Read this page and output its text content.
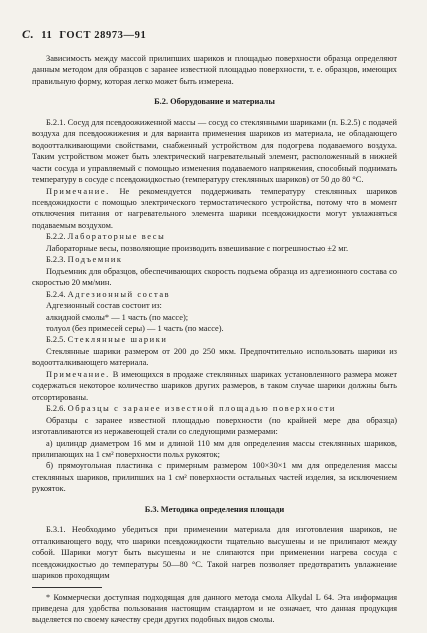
С. 11 ГОСТ 28973—91

Зависимость между массой прилипших шариков и площадью поверхности образца определяют данным методом для образцов с заранее известной площадью поверхности, т. е. образцов, имеющих правильную форму, которая легко может быть измерена.

Б.2. Оборудование и материалы

Б.2.1. Сосуд для псевдоожиженной массы — сосуд со стеклянными шариками (п. Б.2.5) с подачей воздуха для псевдоожижения и для варианта применения шариков из материала, не обладающего водоотталкивающими свойствами, снабженный устройством для подогрева подаваемого воздуха. Таким устройством может быть электрический нагревательный элемент, расположенный в нижней части сосуда и управляемый с помощью изменения подаваемого напряжения, способный поднимать температуру в сосуде с псевдожидкостью (температуру стеклянных шариков) от 50 до 80 °С.

Примечание. Не рекомендуется поддерживать температуру стеклянных шариков псевдожидкости с помощью электрического термостатического устройства, потому что в момент отключения питания от нагревательного элемента шарики псевдожидкости могут увлажняться подаваемым воздухом.

Б.2.2. Лабораторные весы

Лабораторные весы, позволяющие производить взвешивание с погрешностью ±2 мг.

Б.2.3. Подъемник

Подъемник для образцов, обеспечивающих скорость подъема образца из адгезионного состава со скоростью 20 мм/мин.

Б.2.4. Адгезионный состав

Адгезионный состав состоит из:

алкидной смолы* — 1 часть (по массе);

толуол (без примесей серы) — 1 часть (по массе).

Б.2.5. Стеклянные шарики

Стеклянные шарики размером от 200 до 250 мкм. Предпочтительно использовать шарики из водоотталкивающего материала.

Примечание. В имеющихся в продаже стеклянных шариках установленного размера может содержаться некоторое количество шариков других размеров, в таком случае шарики должны быть отсортированы.

Б.2.6. Образцы с заранее известной площадью поверхности

Образцы с заранее известной площадью поверхности (по крайней мере два образца) изготавливаются из нержавеющей стали со следующими размерами:

а) цилиндр диаметром 16 мм и длиной 110 мм для определения массы стеклянных шариков, прилипающих на 1 см² поверхности польх рукояток;

б) прямоугольная пластинка с примерным размером 100×30×1 мм для определения массы стеклянных шариков, прилипших на 1 см² поверхности остальных частей изделия, за исключением рукояток.

Б.3. Методика определения площади

Б.3.1. Необходимо убедиться при применении материала для изготовления шариков, не отталкивающего воду, что шарики псевдожидкости тщательно высушены и не прилипают между собой. Шарики могут быть высушены и не слипаются при применении нагрева сосуда с псевдожидкостью до температуры 50—80 °С. Такой нагрев позволяет предотвратить увлажнение шариков проходящим

* Коммерчески доступная подходящая для данного метода смола Alkydal L 64. Эта информация приведена для удобства пользования настоящим стандартом и не означает, что данная продукция выделяется по своему качеству среди других подобных видов смолы.
